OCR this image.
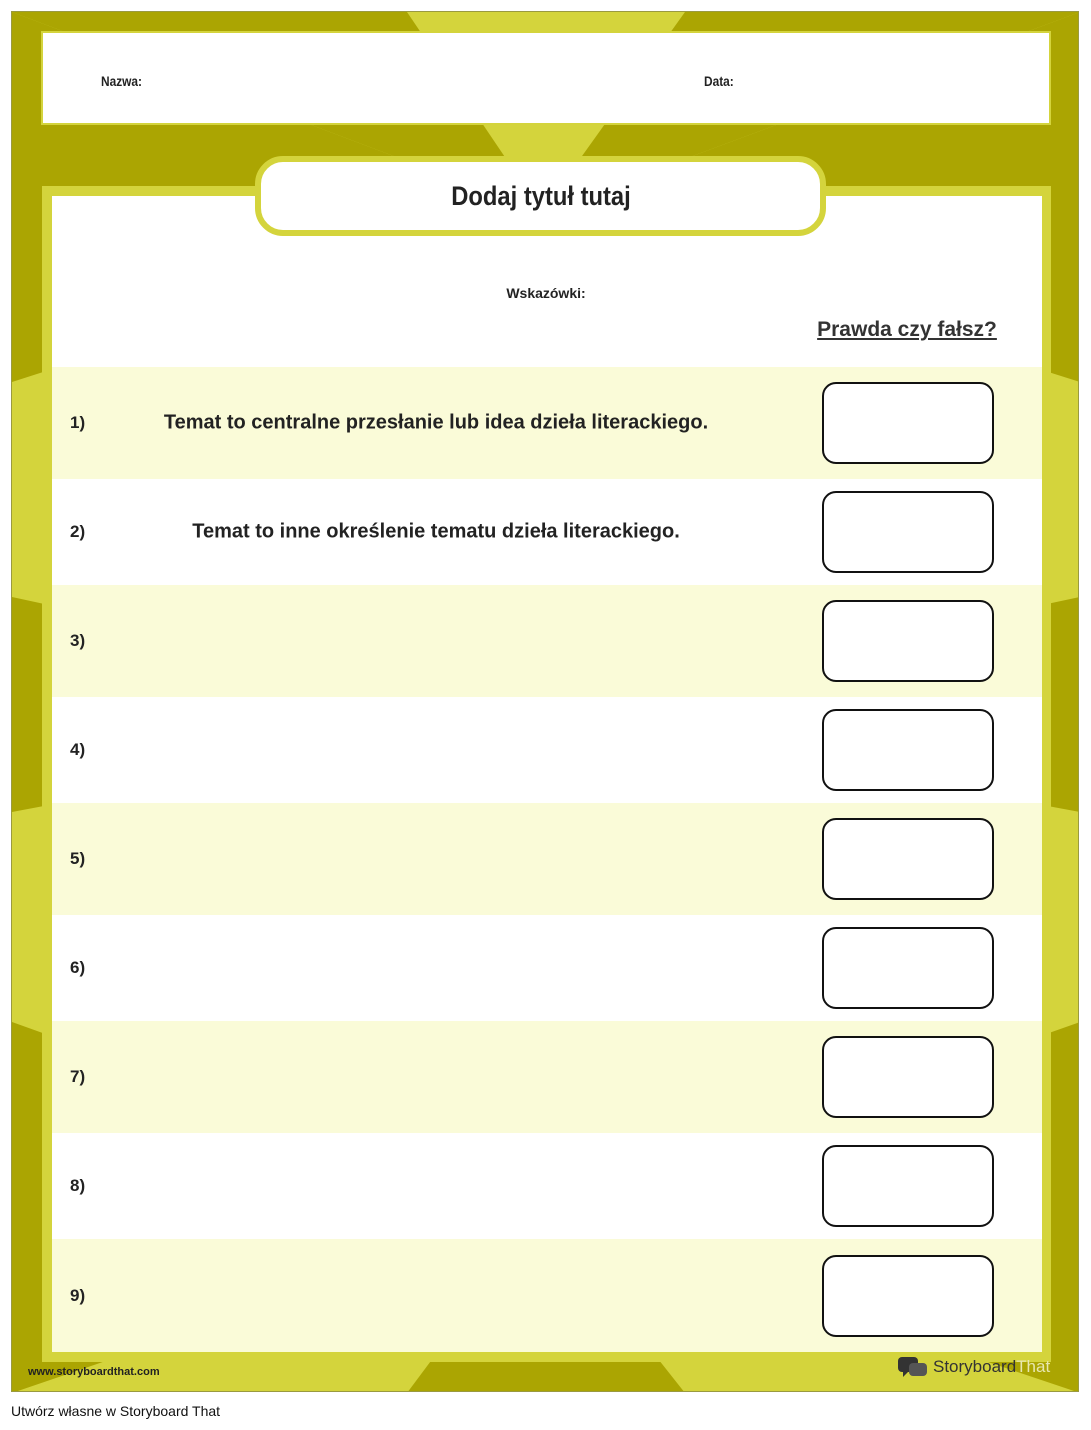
Nazwa:	Data:
Dodaj tytuł tutaj
Wskazówki:
Prawda czy fałsz?
1)	Temat to centralne przesłanie lub idea dzieła literackiego.
2)	Temat to inne określenie tematu dzieła literackiego.
3)
4)
5)
6)
7)
8)
9)
www.storyboardthat.com	StoryboardThat
Utwórz własne w Storyboard That
